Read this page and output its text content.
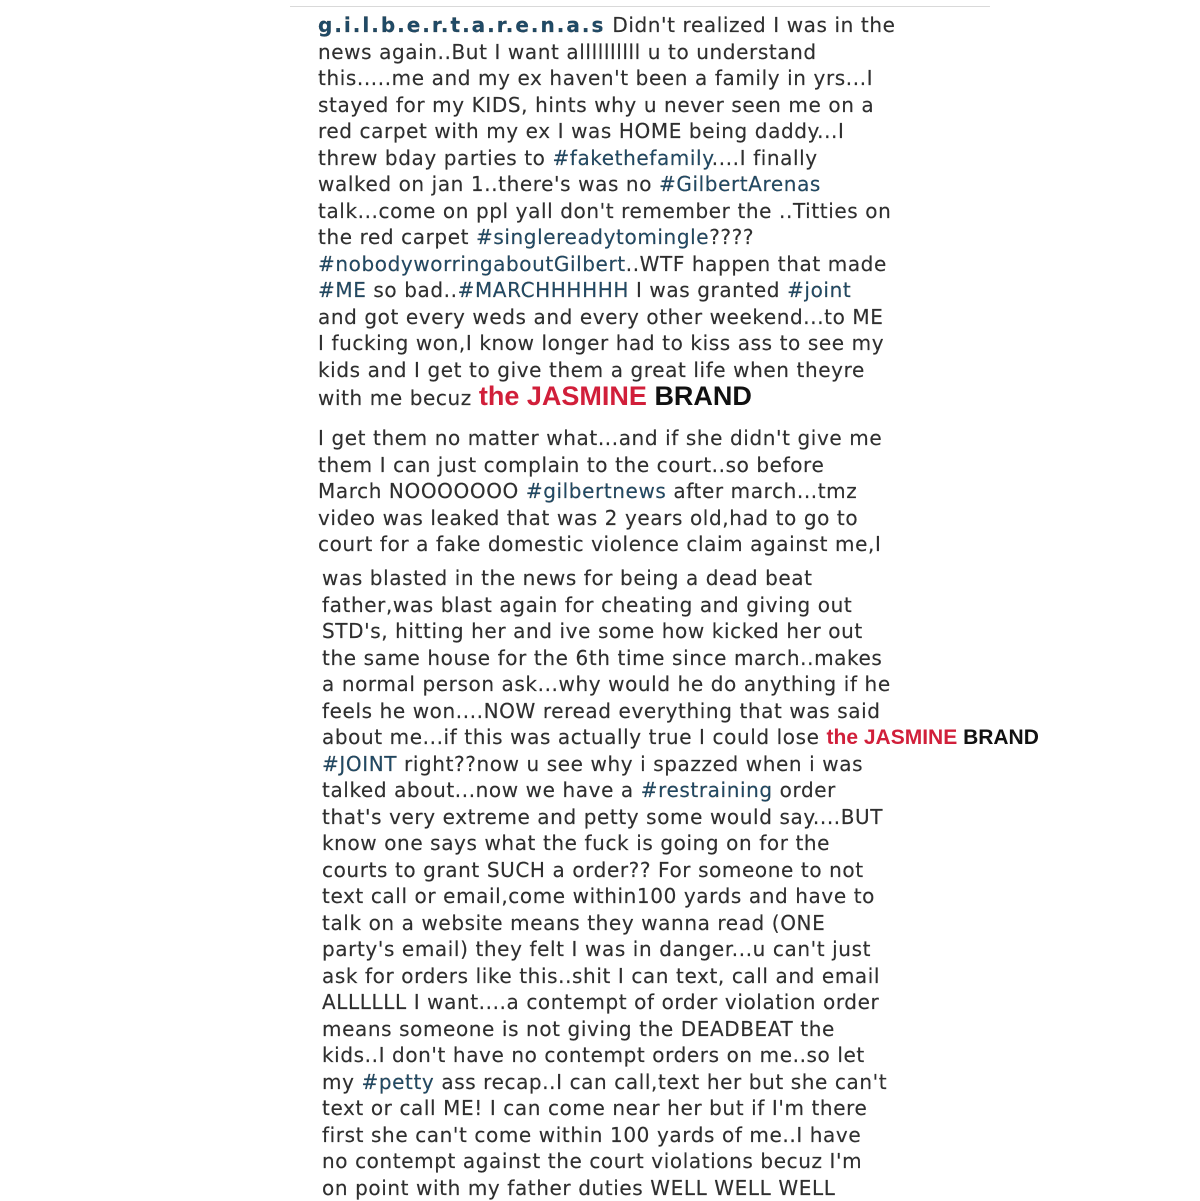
g.i.l.b.e.r.t.a.r.e.n.a.s Didn't realized I was in the
news again..But I want allllllllll u to understand
this.....me and my ex haven't been a family in yrs...I
stayed for my KIDS, hints why u never seen me on a
red carpet with my ex I was HOME being daddy...I
threw bday parties to #fakethefamily....I finally
walked on jan 1..there's was no #GilbertArenas
talk...come on ppl yall don't remember the ..Titties on
the red carpet #singlereadytomingle????
#nobodyworringaboutGilbert..WTF happen that made
#ME so bad..#MARCHHHHHH I was granted #joint
and got every weds and every other weekend...to ME
I fucking won,I know longer had to kiss ass to see my
kids and I get to give them a great life when theyre
with me becuz the JASMINE BRAND
I get them no matter what...and if she didn't give me
them I can just complain to the court..so before
March NOOOOOOO #gilbertnews after march...tmz
video was leaked that was 2 years old,had to go to
court for a fake domestic violence claim against me,I
was blasted in the news for being a dead beat
father,was blast again for cheating and giving out
STD's, hitting her and ive some how kicked her out
the same house for the 6th time since march..makes
a normal person ask...why would he do anything if he
feels he won....NOW reread everything that was said
about me...if this was actually true I could lose the JASMINE BRAND
#JOINT right??now u see why i spazzed when i was
talked about...now we have a #restraining order
that's very extreme and petty some would say....BUT
know one says what the fuck is going on for the
courts to grant SUCH a order?? For someone to not
text call or email,come within100 yards and have to
talk on a website means they wanna read (ONE
party's email) they felt I was in danger...u can't just
ask for orders like this..shit I can text, call and email
ALLLLLL I want....a contempt of order violation order
means someone is not giving the DEADBEAT the
kids..I don't have no contempt orders on me..so let
my #petty ass recap..I can call,text her but she can't
text or call ME! I can come near her but if I'm there
first she can't come within 100 yards of me..I have
no contempt against the court violations becuz I'm
on point with my father duties WELL WELL WELL
